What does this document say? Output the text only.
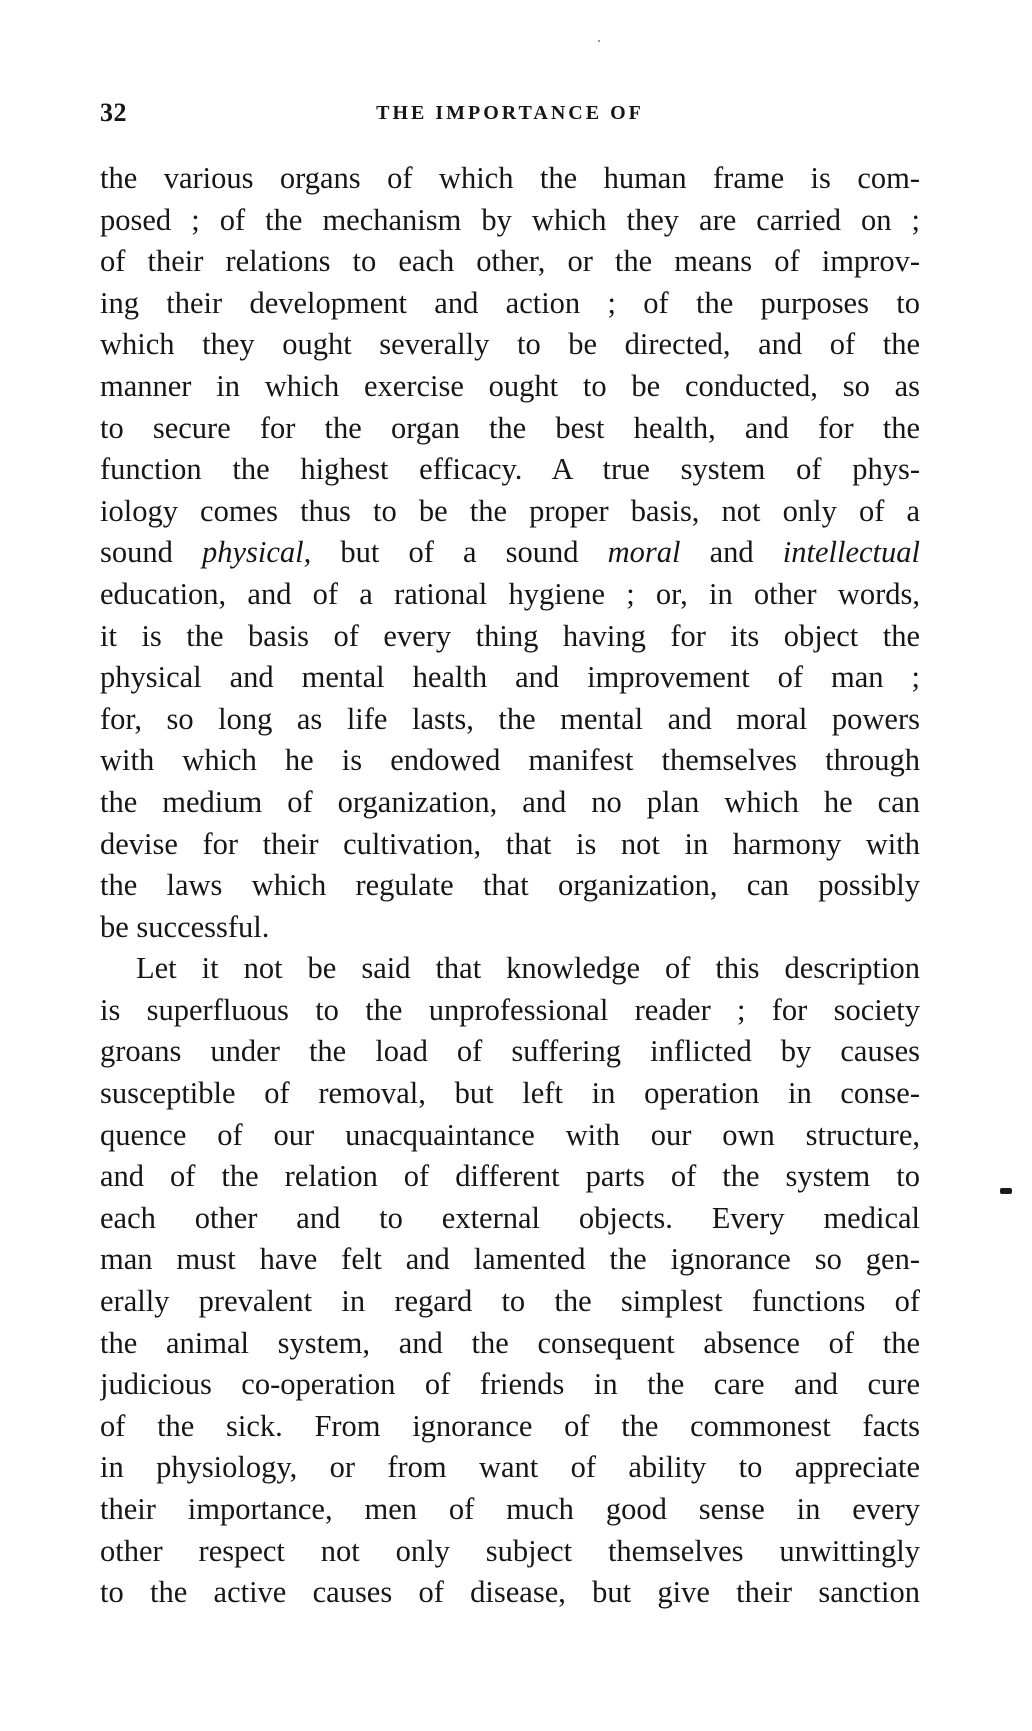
32	THE IMPORTANCE OF
the various organs of which the human frame is com-
posed ; of the mechanism by which they are carried on ;
of their relations to each other, or the means of improv-
ing their development and action ; of the purposes to
which they ought severally to be directed, and of the
manner in which exercise ought to be conducted, so as
to secure for the organ the best health, and for the
function the highest efficacy. A true system of phys-
iology comes thus to be the proper basis, not only of a
sound physical, but of a sound moral and intellectual
education, and of a rational hygiene ; or, in other words,
it is the basis of every thing having for its object the
physical and mental health and improvement of man ;
for, so long as life lasts, the mental and moral powers
with which he is endowed manifest themselves through
the medium of organization, and no plan which he can
devise for their cultivation, that is not in harmony with
the laws which regulate that organization, can possibly
be successful.
Let it not be said that knowledge of this description
is superfluous to the unprofessional reader ; for society
groans under the load of suffering inflicted by causes
susceptible of removal, but left in operation in conse-
quence of our unacquaintance with our own structure,
and of the relation of different parts of the system to
each other and to external objects. Every medical
man must have felt and lamented the ignorance so gen-
erally prevalent in regard to the simplest functions of
the animal system, and the consequent absence of the
judicious co-operation of friends in the care and cure
of the sick. From ignorance of the commonest facts
in physiology, or from want of ability to appreciate
their importance, men of much good sense in every
other respect not only subject themselves unwittingly
to the active causes of disease, but give their sanction
